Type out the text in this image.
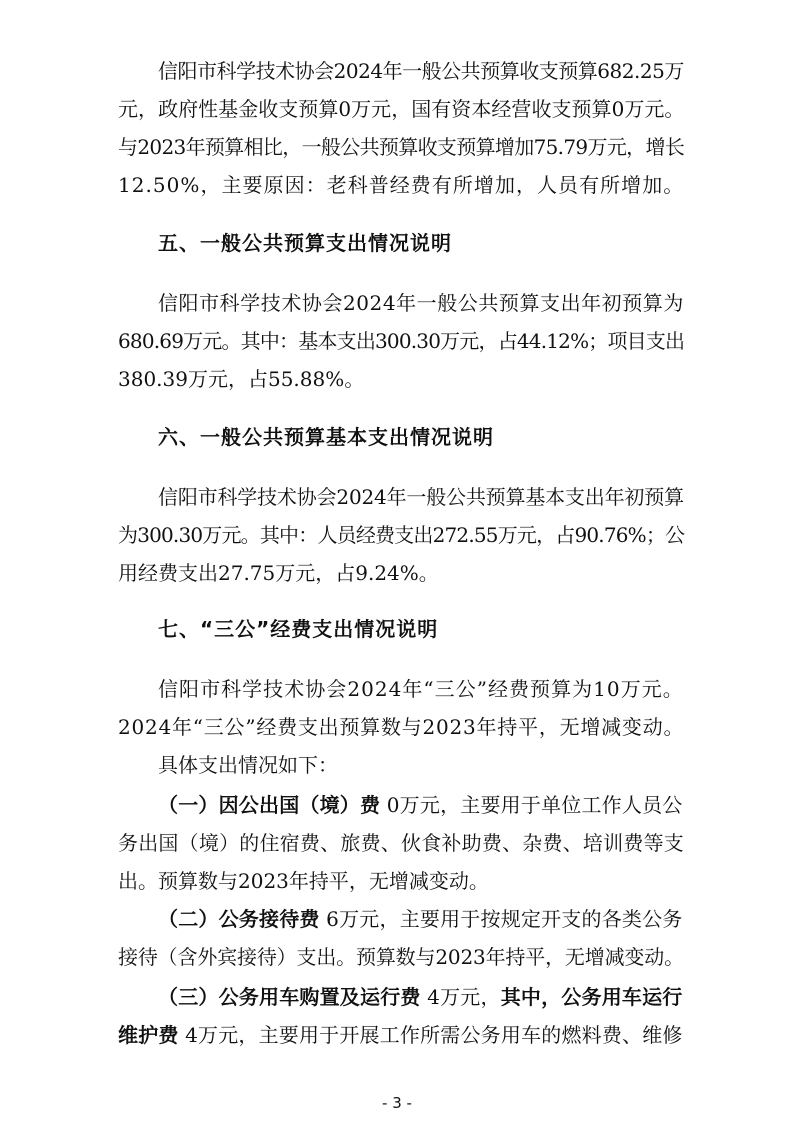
信阳市科学技术协会2024年一般公共预算收支预算682.25万
元，政府性基金收支预算0万元，国有资本经营收支预算0万元。
与2023年预算相比，一般公共预算收支预算增加75.79万元，增长
12.50%，主要原因：老科普经费有所增加，人员有所增加。
五、一般公共预算支出情况说明
信阳市科学技术协会2024年一般公共预算支出年初预算为
680.69万元。其中：基本支出300.30万元，占44.12%；项目支出
380.39万元，占55.88%。
六、一般公共预算基本支出情况说明
信阳市科学技术协会2024年一般公共预算基本支出年初预算
为300.30万元。其中：人员经费支出272.55万元，占90.76%；公
用经费支出27.75万元，占9.24%。
七、“三公”经费支出情况说明
信阳市科学技术协会2024年“三公”经费预算为10万元。
2024年“三公”经费支出预算数与2023年持平，无增减变动。
具体支出情况如下：
（一）因公出国（境）费 0万元，主要用于单位工作人员公
务出国（境）的住宿费、旅费、伙食补助费、杂费、培训费等支
出。预算数与2023年持平，无增减变动。
（二）公务接待费 6万元，主要用于按规定开支的各类公务
接待（含外宾接待）支出。预算数与2023年持平，无增减变动。
（三）公务用车购置及运行费 4万元，其中，公务用车运行
维护费 4万元，主要用于开展工作所需公务用车的燃料费、维修
- 3 -
